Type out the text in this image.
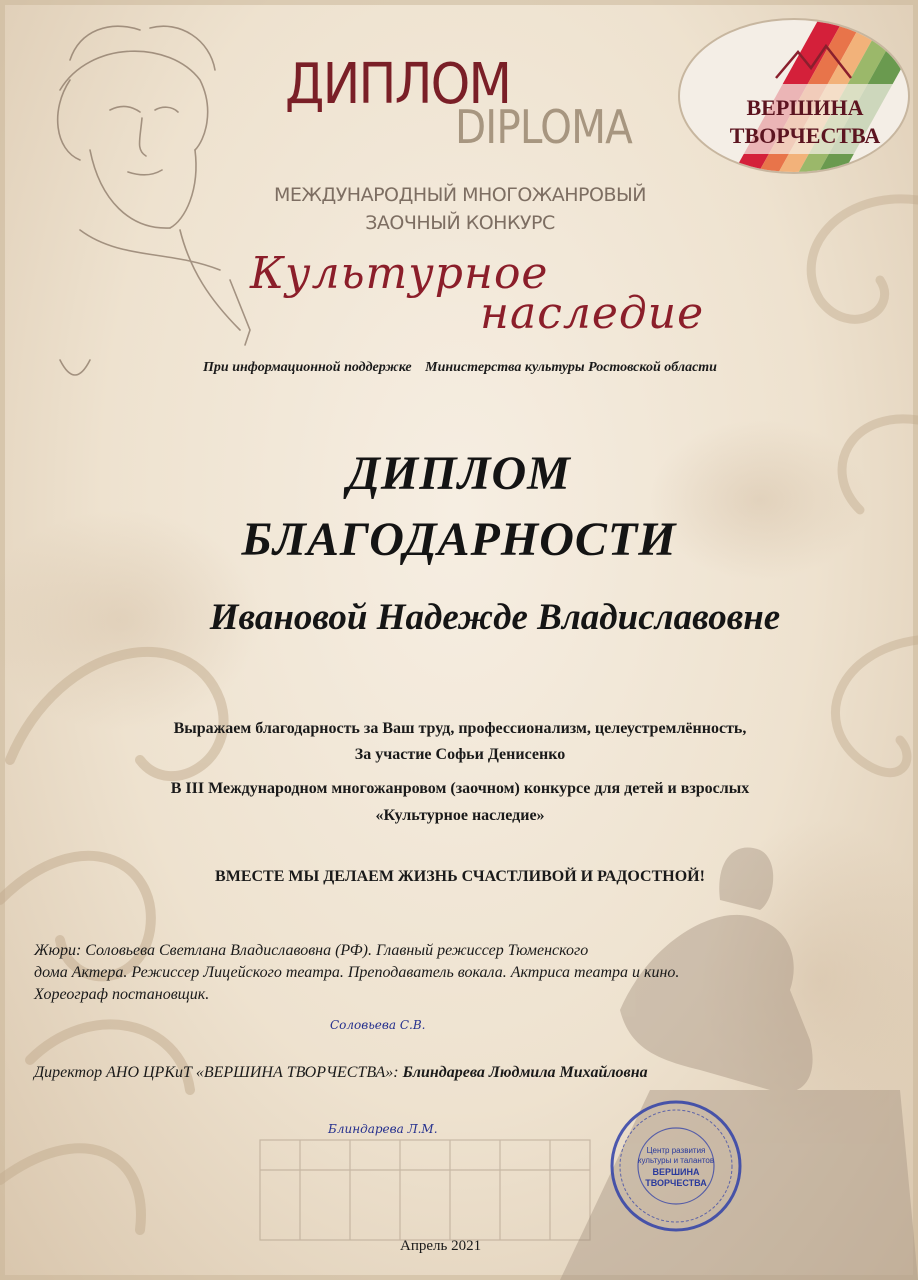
ДИПЛОМ
DIPLOMA
МЕЖДУНАРОДНЫЙ МНОГОЖАНРОВЫЙ
ЗАОЧНЫЙ КОНКУРС
Культурное
наследие
ВЕРШИНА
ТВОРЧЕСТВА
При информационной поддержке Министерства культуры Ростовской области
ДИПЛОМ
БЛАГОДАРНОСТИ
Ивановой Надежде Владиславовне
Выражаем благодарность за Ваш труд, профессионализм, целеустремлённость,
За участие Софьи Денисенко
В III Международном многожанровом (заочном) конкурсе для детей и взрослых
«Культурное наследие»
ВМЕСТЕ МЫ ДЕЛАЕМ ЖИЗНЬ СЧАСТЛИВОЙ И РАДОСТНОЙ!
Жюри: Соловьева Светлана Владиславовна (РФ). Главный режиссер Тюменского
дома Актера. Режиссер Лицейского театра. Преподаватель вокала. Актриса театра и кино.
Хореограф постановщик.
Соловьева С.В.
Директор АНО ЦРКиТ «ВЕРШИНА ТВОРЧЕСТВА»: Блиндарева Людмила Михайловна
Блиндарева Л.М.
Центр развития
культуры и талантов
ВЕРШИНА
ТВОРЧЕСТВА
Апрель 2021
